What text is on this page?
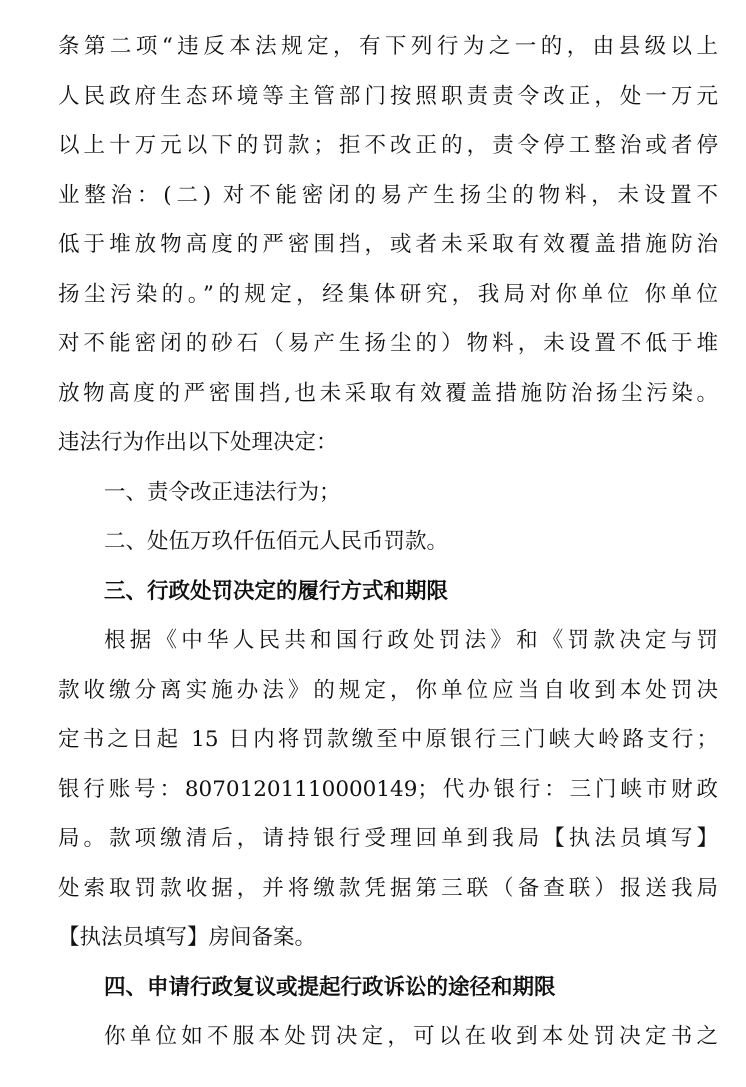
条第二项“违反本法规定，有下列行为之一的，由县级以上
人民政府生态环境等主管部门按照职责责令改正，处一万元
以上十万元以下的罚款；拒不改正的，责令停工整治或者停
业整治：(二) 对不能密闭的易产生扬尘的物料，未设置不
低于堆放物高度的严密围挡，或者未采取有效覆盖措施防治
扬尘污染的。”的规定，经集体研究，我局对你单位 你单位
对不能密闭的砂石（易产生扬尘的）物料，未设置不低于堆
放物高度的严密围挡,也未采取有效覆盖措施防治扬尘污染。
违法行为作出以下处理决定：
一、责令改正违法行为；
二、处伍万玖仟伍佰元人民币罚款。
三、行政处罚决定的履行方式和期限
根据《中华人民共和国行政处罚法》和《罚款决定与罚
款收缴分离实施办法》的规定，你单位应当自收到本处罚决
定书之日起 15 日内将罚款缴至中原银行三门峡大岭路支行；
银行账号：80701201110000149；代办银行：三门峡市财政
局。款项缴清后，请持银行受理回单到我局【执法员填写】
处索取罚款收据，并将缴款凭据第三联（备查联）报送我局
【执法员填写】房间备案。
四、申请行政复议或提起行政诉讼的途径和期限
你单位如不服本处罚决定，可以在收到本处罚决定书之
